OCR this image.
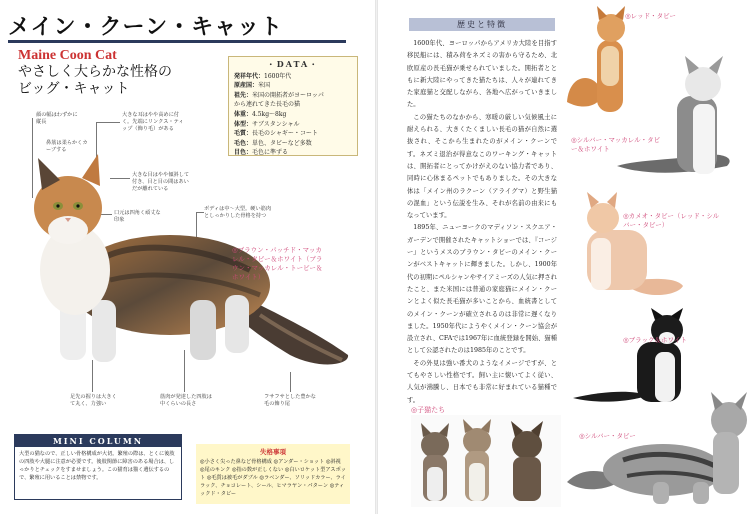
メイン・クーン・キャット
Maine Coon Cat
やさしく大らかな性格の
ビッグ・キャット
・DATA・
発祥年代：1600年代
原産国：米国
祖先：米国の開拓者がヨーロッパ
から連れてきた長毛の猫
体重：4.5kg〜8kg
体型：サブスタンシャル
毛質：長毛のシャギー・コート
毛色：単色、タビーなど多数
目色：毛色に準ずる
顔の幅はわずかに縦長
鼻筋は柔らかくカーブする
大きな耳はやや高めに付く。先端にリンクス・ティップ（飾り毛）がある
大きな目はやや傾斜して付き、目と目の間はあいだが離れている
口元は四角く頑丈な印象
ボディは中〜大型。硬い筋肉としっかりした骨格を持つ
足先の握りは大きくて丸く、力強い
筋肉が発達した四肢は中くらいの長さ
フサフサとした豊かな毛の飾り尾
◎ブラウン・パッチド・マッカレル・タビー＆ホワイト（ブラウン・マッカレル・トービー＆ホワイト）
MINI COLUMN
大型の猫なので、正しい骨格構成が大切。繁殖の際は、とくに後肢の四肢や大腿に注意が必要です。後肢関節に障害のある場合は、しっかりとチェックをすませましょう。この猫育は猫く遺伝するので、繁殖に用いることは禁物です。
失格事項
◎小さく尖った鼻など骨格構成 ◎アンダー・ショット ◎斜視 ◎尾のキンク ◎指の数が正しくない ◎白いロケット型アスポット ◎毛質は被毛がダブル ◎ラベンダー、ソリッドカラー、ライラック、チョコレート、シール、ヒマラヤン・パターン ◎ティックド・タビー
歴史と特徴
1600年代、ヨーロッパからアメリカ大陸を目指す移民船には、積み荷をネズミの害から守るため、北欧原産の長毛猫が乗せられていました。開拓者とともに新大陸にやってきた猫たちは、人々が連れてきた家庭猫と交配しながら、各地へ広がっていきました。
この猫たちのなかから、寒暖の厳しい気候風土に耐えられる、大きくたくましい長毛の猫が自然に選抜され、そこから生まれたのがメイン・クーンです。ネズミ退治が得意なこのワーキング・キャットは、開拓者にとってかけがえのない協力者であり、同時に心休まるペットでもありました。その大きな体は「メイン州のラクーン（アライグマ）と野生猫の混血」という伝説を生み、それが名前の由来にもなっています。
1895年、ニューヨークのマディソン・スクエア・ガーデンで開催されたキャットショーでは、『コージー』というメスのブラウン・タビーのメイン・クーンがベストキャットに輝きました。しかし、1900年代の初期にペルシャンやサイアミーズの人気に押されたこと、また米国には普通の家庭猫にメイン・クーンとよく似た長毛猫が多いことから、血統書としてのメイン・クーンが確立されるのは非常に遅くなりました。1950年代にようやくメイン・クーン協会が設立され、CFAでは1967年に血統登録を開始、猫種として公認されたのは1985年のことです。
その外見は強い番犬のようなイメージですが、とてもやさしい性格です。飼い主に懐いてよく従い、人気が沸騰し、日本でも非常に好まれている猫種です。
◎子猫たち
◎レッド・タビー
◎シルバー・マッカレル・タビー＆ホワイト
◎カメオ・タビー（レッド・シルバー・タビー）
◎ブラック＆ホワイト
◎シルバー・タビー
